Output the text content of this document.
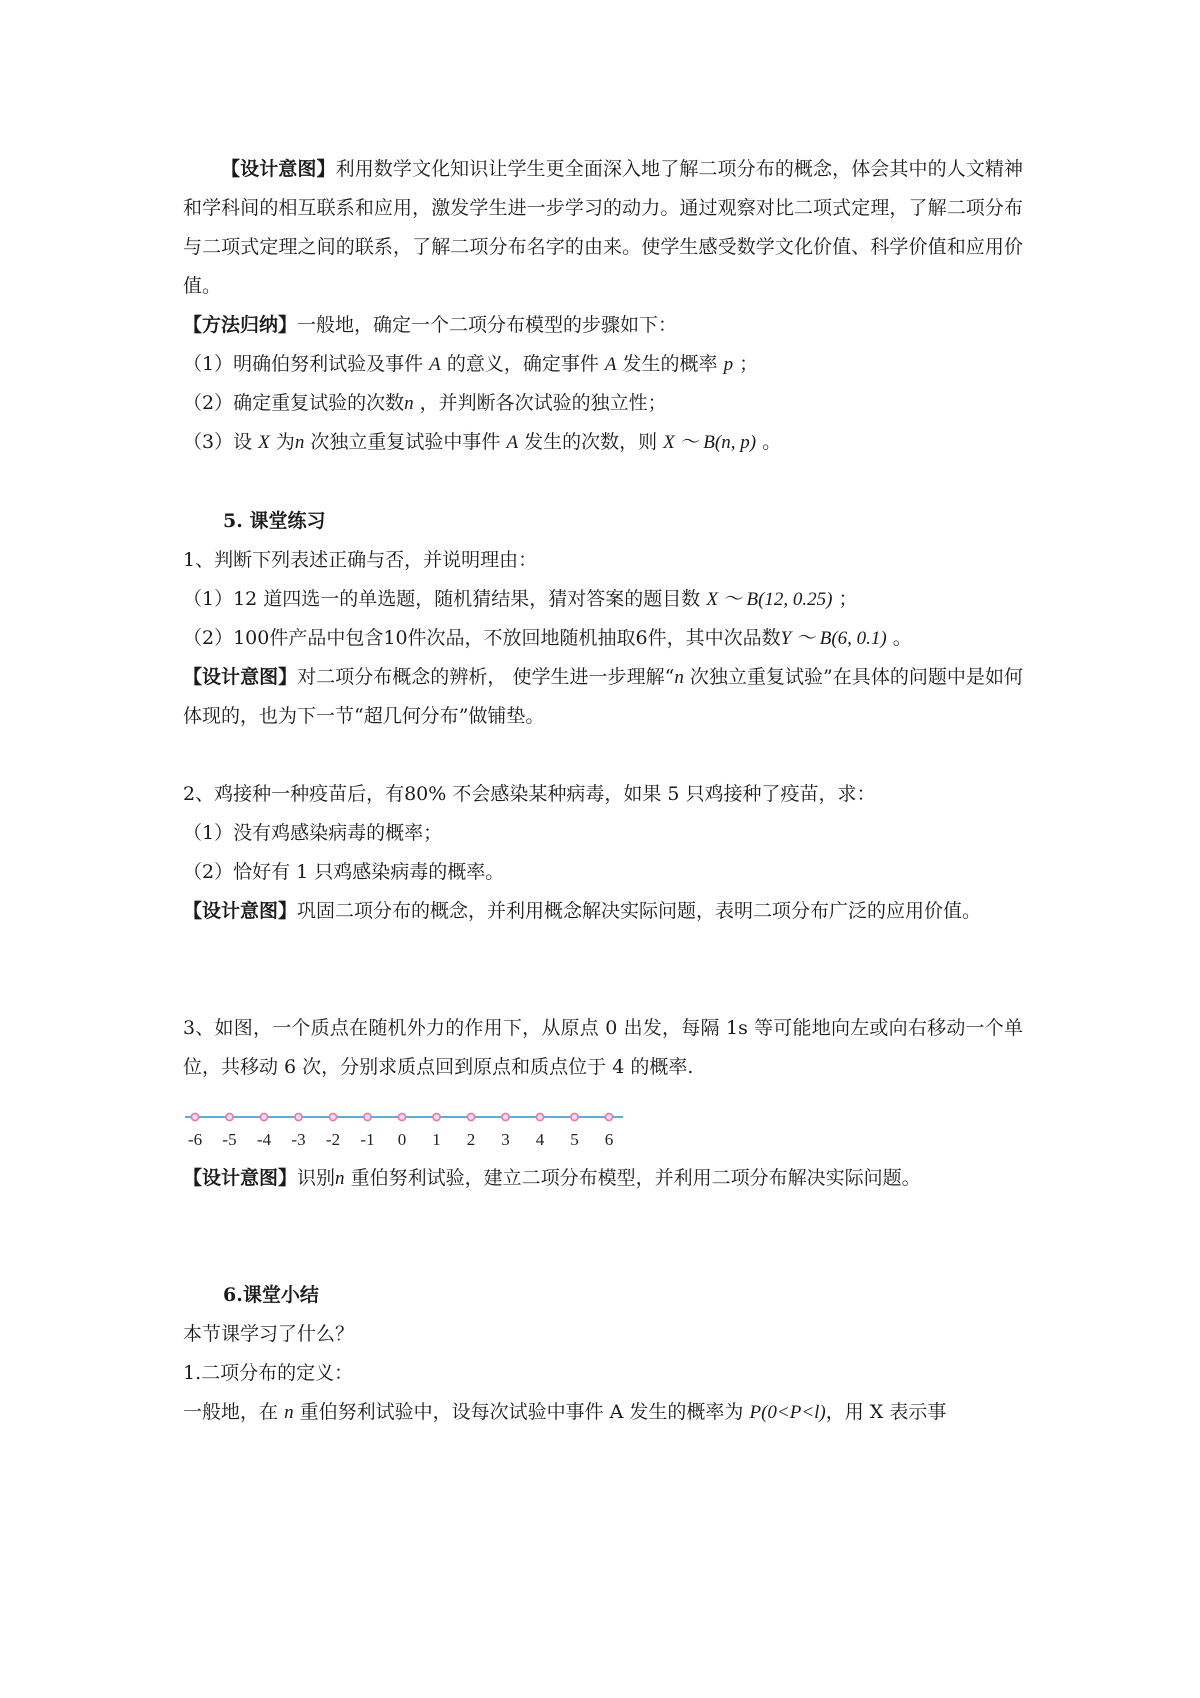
【设计意图】利用数学文化知识让学生更全面深入地了解二项分布的概念，体会其中的人文精神和学科间的相互联系和应用，激发学生进一步学习的动力。通过观察对比二项式定理，了解二项分布与二项式定理之间的联系，了解二项分布名字的由来。使学生感受数学文化价值、科学价值和应用价值。

【方法归纳】一般地，确定一个二项分布模型的步骤如下：

（1）明确伯努利试验及事件 A 的意义，确定事件 A 发生的概率 p ；

（2）确定重复试验的次数n ，并判断各次试验的独立性；

（3）设 X 为n 次独立重复试验中事件 A 发生的次数，则 X ～ B(n, p) 。

5. 课堂练习

1、判断下列表述正确与否，并说明理由：

（1）12 道四选一的单选题，随机猜结果，猜对答案的题目数 X ～ B(12, 0.25) ；

（2）100件产品中包含10件次品，不放回地随机抽取6件，其中次品数Y ～ B(6, 0.1) 。

【设计意图】对二项分布概念的辨析， 使学生进一步理解“n 次独立重复试验”在具体的问题中是如何体现的，也为下一节“超几何分布”做铺垫。

2、鸡接种一种疫苗后，有80% 不会感染某种病毒，如果 5 只鸡接种了疫苗，求：

（1）没有鸡感染病毒的概率；

（2）恰好有 1 只鸡感染病毒的概率。

【设计意图】巩固二项分布的概念，并利用概念解决实际问题，表明二项分布广泛的应用价值。

3、如图，一个质点在随机外力的作用下，从原点 0 出发，每隔 1s 等可能地向左或向右移动一个单位，共移动 6 次，分别求质点回到原点和质点位于 4 的概率.

-6 -5 -4 -3 -2 -1 0 1 2 3 4 5 6

【设计意图】识别n 重伯努利试验，建立二项分布模型，并利用二项分布解决实际问题。

6.课堂小结

本节课学习了什么？

1.二项分布的定义：

一般地，在 n 重伯努利试验中，设每次试验中事件 A 发生的概率为 P(0<P<l)，用 X 表示事
